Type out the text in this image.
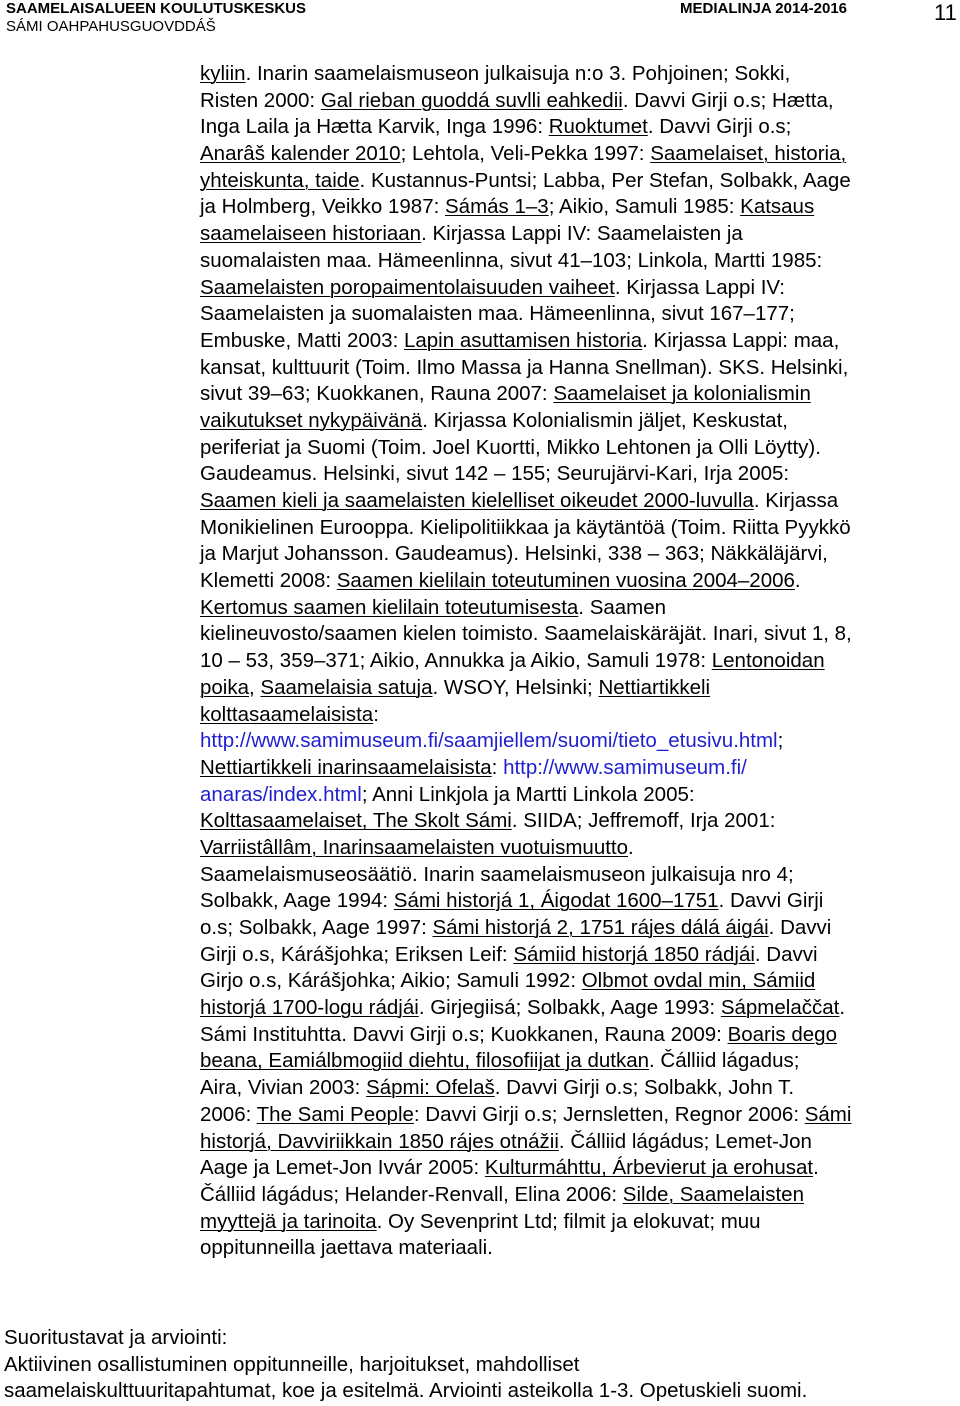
SAAMELAISALUEEN KOULUTUSKESKUS
SÁMI OAHPAHUSGUOVDDÁŠ
MEDIALINJA 2014-2016	11
kyliin. Inarin saamelaismuseon julkaisuja n:o 3. Pohjoinen; Sokki,
Risten 2000: Gal rieban guoddá suvlli eahkedii. Davvi Girji o.s; Hætta,
Inga Laila ja Hætta Karvik, Inga 1996: Ruoktumet. Davvi Girji o.s;
Anarâš kalender 2010; Lehtola, Veli-Pekka 1997: Saamelaiset, historia,
yhteiskunta, taide. Kustannus-Puntsi; Labba, Per Stefan, Solbakk, Aage
ja Holmberg, Veikko 1987: Sámás 1–3; Aikio, Samuli 1985: Katsaus
saamelaiseen historiaan. Kirjassa Lappi IV: Saamelaisten ja
suomalaisten maa. Hämeenlinna, sivut 41–103; Linkola, Martti 1985:
Saamelaisten poropaimentolaisuuden vaiheet. Kirjassa Lappi IV:
Saamelaisten ja suomalaisten maa. Hämeenlinna, sivut 167–177;
Embuske, Matti 2003: Lapin asuttamisen historia. Kirjassa Lappi: maa,
kansat, kulttuurit (Toim. Ilmo Massa ja Hanna Snellman). SKS. Helsinki,
sivut 39–63; Kuokkanen, Rauna 2007: Saamelaiset ja kolonialismin
vaikutukset nykypäivänä. Kirjassa Kolonialismin jäljet, Keskustat,
periferiat ja Suomi (Toim. Joel Kuortti, Mikko Lehtonen ja Olli Löytty).
Gaudeamus. Helsinki, sivut 142 – 155; Seurujärvi-Kari, Irja 2005:
Saamen kieli ja saamelaisten kielelliset oikeudet 2000-luvulla. Kirjassa
Monikielinen Eurooppa. Kielipolitiikkaa ja käytäntöä (Toim. Riitta Pyykkö
ja Marjut Johansson. Gaudeamus). Helsinki, 338 – 363; Näkkäläjärvi,
Klemetti 2008: Saamen kielilain toteutuminen vuosina 2004–2006.
Kertomus saamen kielilain toteutumisesta. Saamen
kielineuvosto/saamen kielen toimisto. Saamelaiskäräjät. Inari, sivut 1, 8,
10 – 53, 359–371; Aikio, Annukka ja Aikio, Samuli 1978: Lentonoidan
poika, Saamelaisia satuja. WSOY, Helsinki; Nettiartikkeli
kolttasaamelaisista:
http://www.samimuseum.fi/saamjiellem/suomi/tieto_etusivu.html;
Nettiartikkeli inarinsaamelaisista: http://www.samimuseum.fi/
anaras/index.html; Anni Linkjola ja Martti Linkola 2005:
Kolttasaamelaiset, The Skolt Sámi. SIIDA; Jeffremoff, Irja 2001:
Varriistâllâm, Inarinsaamelaisten vuotuismuutto.
Saamelaismuseosäätiö. Inarin saamelaismuseon julkaisuja nro 4;
Solbakk, Aage 1994: Sámi historjá 1, Áigodat 1600–1751. Davvi Girji
o.s; Solbakk, Aage 1997: Sámi historjá 2, 1751 rájes dálá áigái. Davvi
Girji o.s, Kárášjohka; Eriksen Leif: Sámiid historjá 1850 rádjái. Davvi
Girjo o.s, Kárášjohka; Aikio; Samuli 1992: Olbmot ovdal min, Sámiid
historjá 1700-logu rádjái. Girjegiisá; Solbakk, Aage 1993: Sápmelaččat.
Sámi Instituhtta. Davvi Girji o.s; Kuokkanen, Rauna 2009: Boaris dego
beana, Eamiálbmogiid diehtu, filosofiijat ja dutkan. Čálliid lágadus;
Aira, Vivian 2003: Sápmi: Ofelaš. Davvi Girji o.s; Solbakk, John T.
2006: The Sami People: Davvi Girji o.s; Jernsletten, Regnor 2006: Sámi
historjá, Davviriikkain 1850 rájes otnážii. Čálliid lágádus; Lemet-Jon
Aage ja Lemet-Jon Ivvár 2005: Kulturmáhttu, Árbevierut ja erohusat.
Čálliid lágádus; Helander-Renvall, Elina 2006: Silde, Saamelaisten
myyttejä ja tarinoita. Oy Sevenprint Ltd; filmit ja elokuvat; muu
oppitunneilla jaettava materiaali.
Suoritustavat ja arviointi:
Aktiivinen osallistuminen oppitunneille, harjoitukset, mahdolliset
saamelaiskulttuuritapahtumat, koe ja esitelmä. Arviointi asteikolla 1-3. Opetuskieli suomi.
